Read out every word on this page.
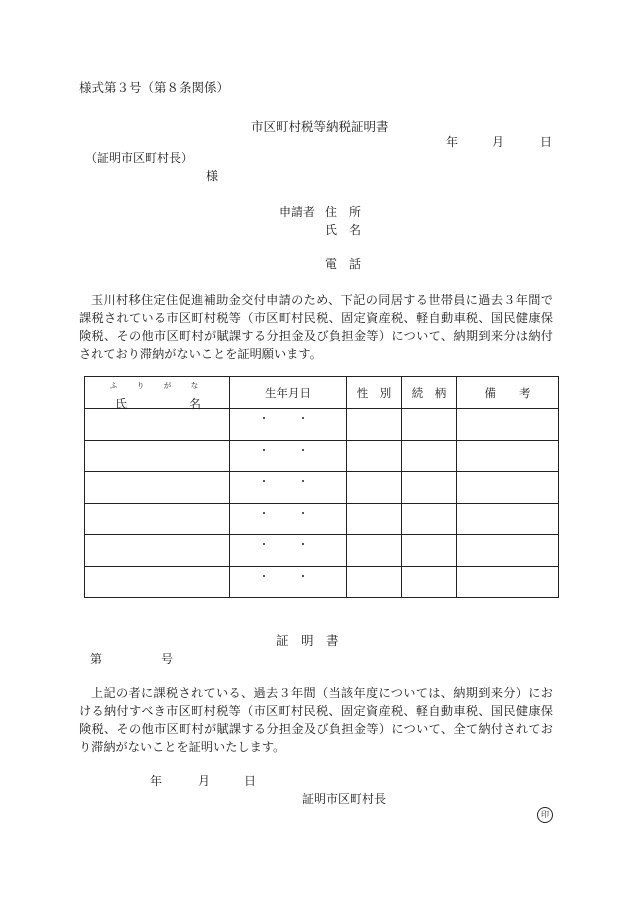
様式第３号（第８条関係）
市区町村税等納税証明書
年	月	日
（証明市区町村長）
様
申請者 住　所
氏　名
電　話
玉川村移住定住促進補助金交付申請のため、下記の同居する世帯員に過去３年間で課税されている市区町村税等（市区町村民税、固定資産税、軽自動車税、国民健康保険税、その他市区町村が賦課する分担金及び負担金等）について、納期到来分は納付されており滞納がないことを証明願います。
ふ　り　が　な
氏 名	生年月日	性　別	続　柄	備　　考

証　明　書
第	号
上記の者に課税されている、過去３年間（当該年度については、納期到来分）における納付すべき市区町村税等（市区町村民税、固定資産税、軽自動車税、国民健康保険税、その他市区町村が賦課する分担金及び負担金等）について、全て納付されており滞納がないことを証明いたします。
年	月	日
証明市区町村長
印
